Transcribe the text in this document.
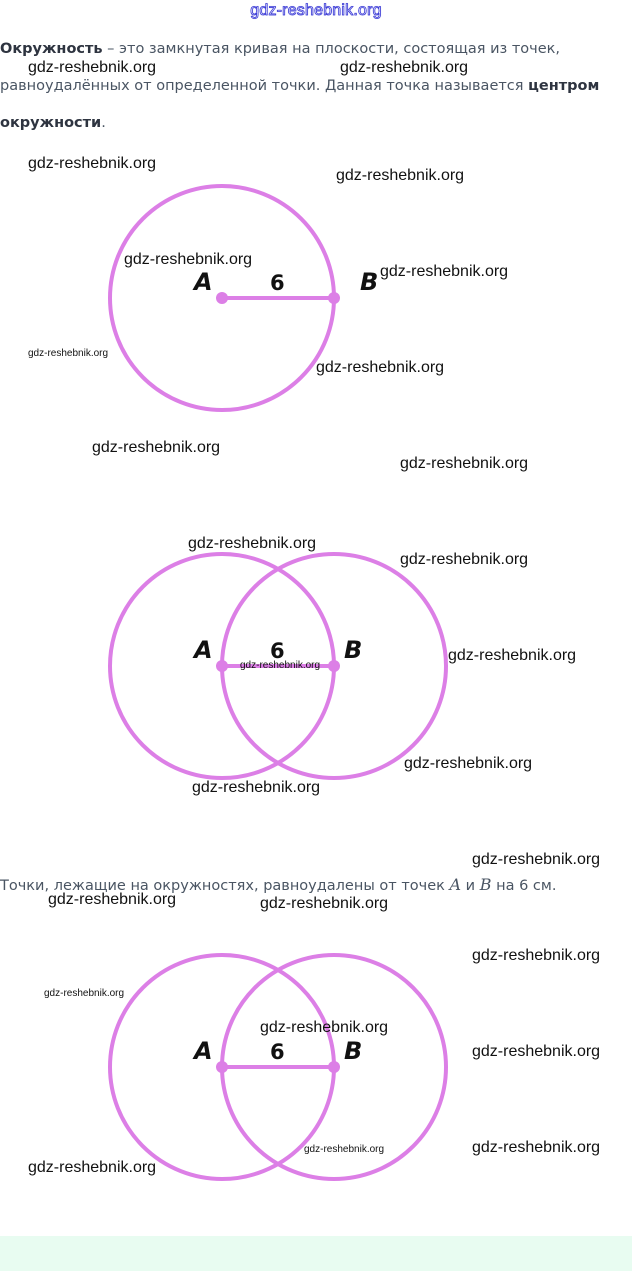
gdz-reshebnik.org
Окружность – это замкнутая кривая на плоскости, состоящая из точек, равноудалённых от определенной точки. Данная точка называется центром окружности.
A	6	B
A	6 B
Точки, лежащие на окружностях, равноудалены от точек A и B на 6 см.
A	6 B
gdz-reshebnik.org	gdz-reshebnik.org
gdz-reshebnik.org
gdz-reshebnik.org
gdz-reshebnik.org
gdz-reshebnik.org
gdz-reshebnik.org
gdz-reshebnik.org
gdz-reshebnik.org
gdz-reshebnik.org
gdz-reshebnik.org
gdz-reshebnik.org
gdz-reshebnik.org
gdz-reshebnik.org
gdz-reshebnik.org
gdz-reshebnik.org
gdz-reshebnik.org
gdz-reshebnik.org	gdz-reshebnik.org
gdz-reshebnik.org
gdz-reshebnik.org
gdz-reshebnik.org
gdz-reshebnik.org
gdz-reshebnik.org	gdz-reshebnik.org
gdz-reshebnik.org
